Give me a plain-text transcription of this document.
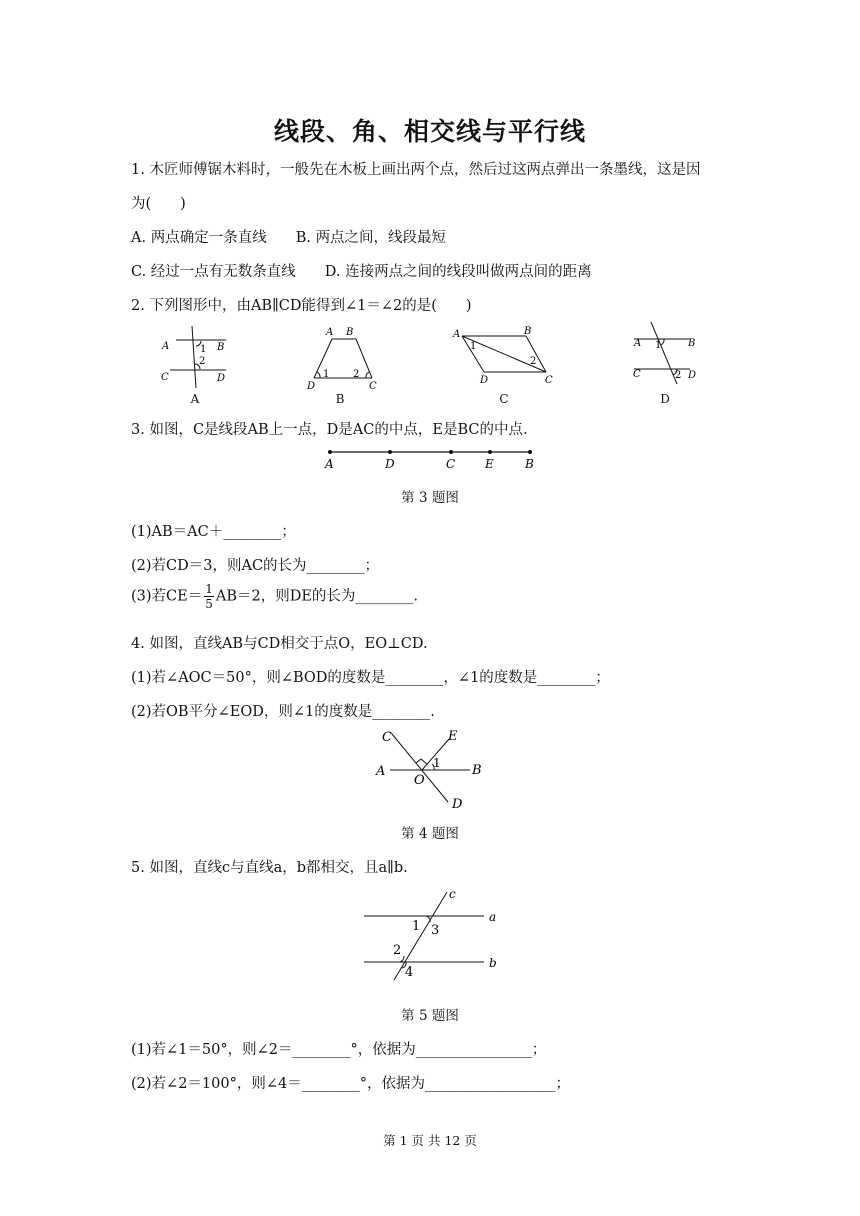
线段、角、相交线与平行线
1. 木匠师傅锯木料时，一般先在木板上画出两个点，然后过这两点弹出一条墨线，这是因
为(　　)
A. 两点确定一条直线　　B. 两点之间，线段最短
C. 经过一点有无数条直线　　D. 连接两点之间的线段叫做两点间的距离
2. 下列图形中，由AB∥CD能得到∠1＝∠2的是(　　)
A	B
C	D
1
2
A B
D	C
1 2
A	B
D	C
1
2
A	B
C	D
1
2
A	B	C	D
3. 如图，C是线段AB上一点，D是AC的中点，E是BC的中点.
A	D	C E	B
第 3 题图
(1)AB＝AC＋________；
(2)若CD＝3，则AC的长为________；
(3)若$CE= \frac{1}{5} AB=2$，则DE的长为________.
4. 如图，直线AB与CD相交于点O，EO⊥CD.
(1)若∠AOC＝50°，则∠BOD的度数是________，∠1的度数是________；
(2)若OB平分∠EOD，则∠1的度数是________.
C	E
A	B
O
D
1
第 4 题图
5. 如图，直线c与直线a，b都相交，且a∥b.
c
a
b
1 3
2
4
第 5 题图
(1)若∠1＝50°，则∠2＝________°，依据为________________；
(2)若∠2＝100°，则∠4＝________°，依据为__________________；
第 1 页 共 12 页
